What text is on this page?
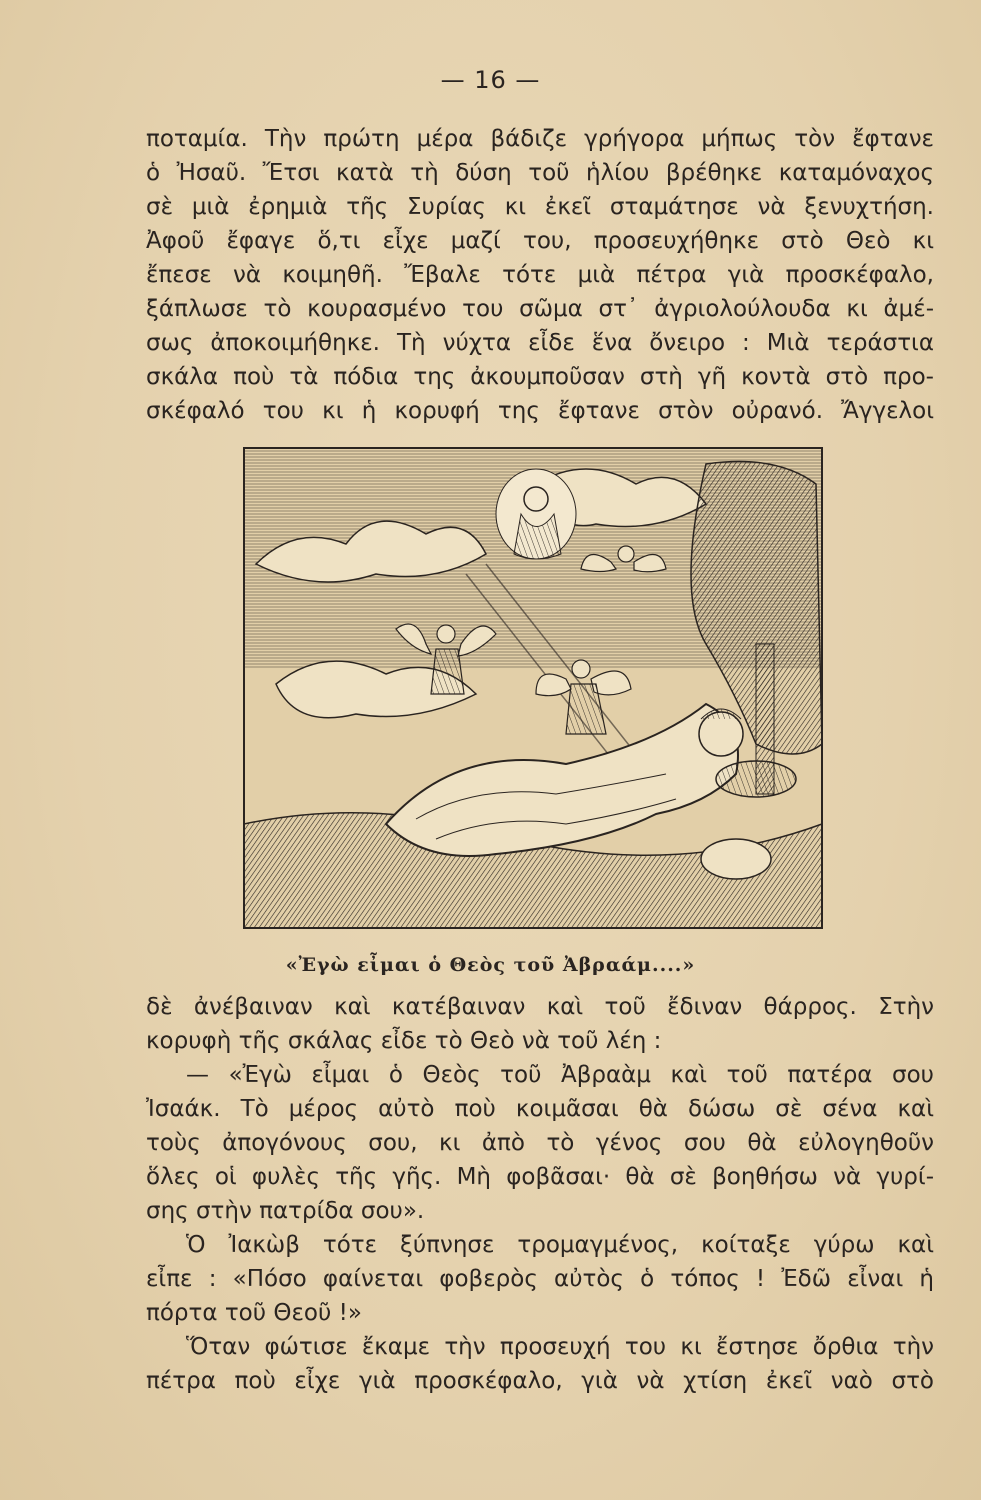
— 16 —
ποταμία. Τὴν πρώτη μέρα βάδιζε γρήγορα μήπως τὸν ἔφτανε
ὁ Ἠσαῦ. Ἔτσι κατὰ τὴ δύση τοῦ ἡλίου βρέθηκε καταμόναχος
σὲ μιὰ ἐρημιὰ τῆς Συρίας κι ἐκεῖ σταμάτησε νὰ ξενυχτήση.
Ἀφοῦ ἔφαγε ὅ,τι εἶχε μαζί του, προσευχήθηκε στὸ Θεὸ κι
ἔπεσε νὰ κοιμηθῆ. Ἔβαλε τότε μιὰ πέτρα γιὰ προσκέφαλο,
ξάπλωσε τὸ κουρασμένο του σῶμα στ᾿ ἀγριολούλουδα κι ἀμέ-
σως ἀποκοιμήθηκε. Τὴ νύχτα εἶδε ἕνα ὄνειρο : Μιὰ τεράστια
σκάλα ποὺ τὰ πόδια της ἀκουμποῦσαν στὴ γῆ κοντὰ στὸ προ-
σκέφαλό του κι ἡ κορυφή της ἔφτανε στὸν οὐρανό. Ἄγγελοι
«Ἐγὼ εἶμαι ὁ Θεὸς τοῦ Ἀβραάμ....»
δὲ ἀνέβαιναν καὶ κατέβαιναν καὶ τοῦ ἔδιναν θάρρος. Στὴν
κορυφὴ τῆς σκάλας εἶδε τὸ Θεὸ νὰ τοῦ λέη :
— «Ἐγὼ εἶμαι ὁ Θεὸς τοῦ Ἀβραὰμ καὶ τοῦ πατέρα σου
Ἰσαάκ. Τὸ μέρος αὐτὸ ποὺ κοιμᾶσαι θὰ δώσω σὲ σένα καὶ
τοὺς ἀπογόνους σου, κι ἀπὸ τὸ γένος σου θὰ εὐλογηθοῦν
ὅλες οἱ φυλὲς τῆς γῆς. Μὴ φοβᾶσαι· θὰ σὲ βοηθήσω νὰ γυρί-
σης στὴν πατρίδα σου».
Ὁ Ἰακὼβ τότε ξύπνησε τρομαγμένος, κοίταξε γύρω καὶ
εἶπε : «Πόσο φαίνεται φοβερὸς αὐτὸς ὁ τόπος ! Ἐδῶ εἶναι ἡ
πόρτα τοῦ Θεοῦ !»
Ὅταν φώτισε ἔκαμε τὴν προσευχή του κι ἔστησε ὄρθια τὴν
πέτρα ποὺ εἶχε γιὰ προσκέφαλο, γιὰ νὰ χτίση ἐκεῖ ναὸ στὸ
